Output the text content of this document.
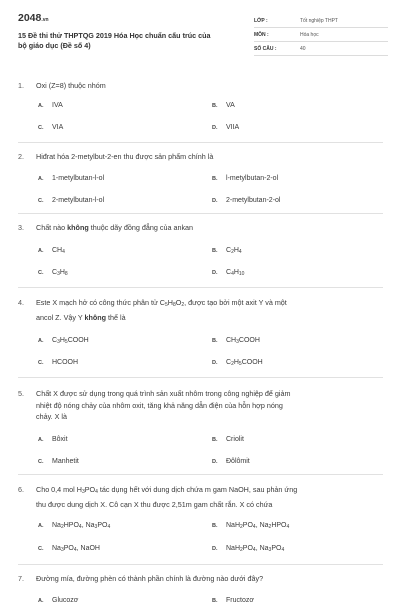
2048.vn
15 Đề thi thử THPTQG 2019 Hóa Học chuẩn cấu trúc của
bộ giáo dục (Đề số 4)
LỚP :	Tốt nghiệp THPT
MÔN :	Hóa học
SỐ CÂU :	40
1.	Oxi (Z=8) thuộc nhóm
A. IVA	B. VA
C. VIA	D. VIIA
2.	Hiđrat hóa 2-metylbut-2-en thu được sản phẩm chính là
A. 1-metylbutan-l-ol	B. l-metylbutan-2-ol
C. 2-metylbutan-l-ol	D. 2-metylbutan-2-ol
3.	Chất nào không thuộc dãy đồng đẳng của ankan
A. $CH_4$	B. $C_2H_4$
C. $C_3H_8$	D. $C_4H_{10}$
4.	Este X mạch hở có công thức phân tử $C_5H_8O_2$, được tạo bởi một axit Y và một
ancol Z. Vậy Y không thể là
A. $C_3H_5COOH$	B. $CH_3COOH$
C. HCOOH	D. $C_2H_5COOH$
5.	Chất X được sử dụng trong quá trình sản xuất nhôm trong công nghiệp để giảm
nhiệt độ nóng chảy của nhôm oxit, tăng khả năng dẫn điện của hỗn hợp nóng
chảy. X là
A. Bôxit	B. Criolit
C. Manhetit	D. Đôlômit
6.	Cho 0,4 mol $H_3PO_4$ tác dụng hết với dung dịch chứa m gam NaOH, sau phản ứng
thu được dung dịch X. Cô cạn X thu được 2,51m gam chất rắn. X có chứa
A. $Na_2HPO_4$, $Na_3PO_4$	B. $NaH_2PO_4$, $Na_2HPO_4$
C. $Na_3PO_4$, NaOH	D. $NaH_2PO_4$, $Na_3PO_4$
7.	Đường mía, đường phèn có thành phần chính là đường nào dưới đây?
A. Glucozơ	B. Fructozơ
